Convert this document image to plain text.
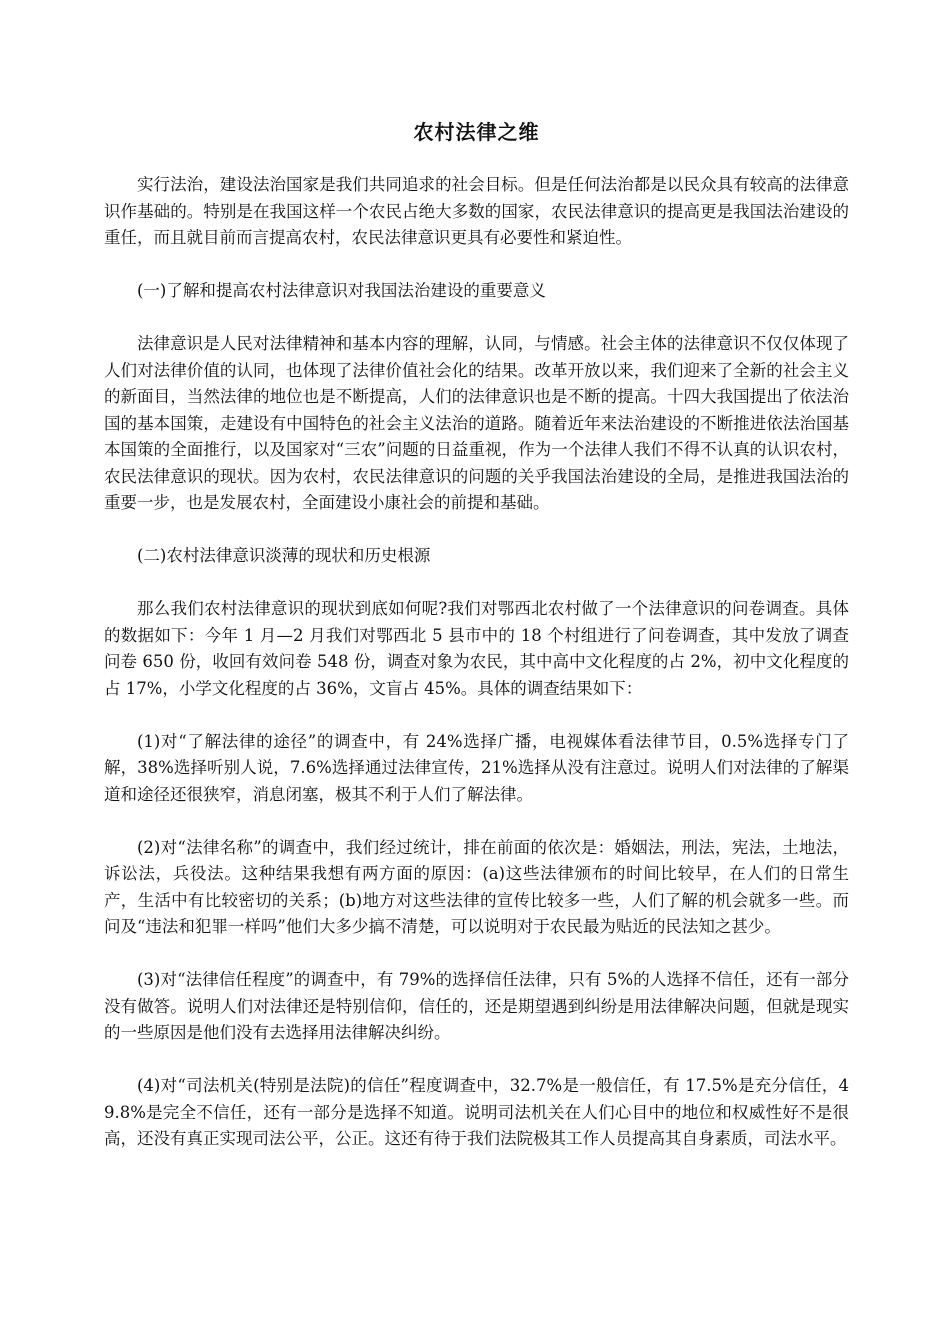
农村法律之维

实行法治，建设法治国家是我们共同追求的社会目标。但是任何法治都是以民众具有较高的法律意识作基础的。特别是在我国这样一个农民占绝大多数的国家，农民法律意识的提高更是我国法治建设的重任，而且就目前而言提高农村，农民法律意识更具有必要性和紧迫性。

(一)了解和提高农村法律意识对我国法治建设的重要意义

法律意识是人民对法律精神和基本内容的理解，认同，与情感。社会主体的法律意识不仅仅体现了人们对法律价值的认同，也体现了法律价值社会化的结果。改革开放以来，我们迎来了全新的社会主义的新面目，当然法律的地位也是不断提高，人们的法律意识也是不断的提高。十四大我国提出了依法治国的基本国策，走建设有中国特色的社会主义法治的道路。随着近年来法治建设的不断推进依法治国基本国策的全面推行，以及国家对“三农”问题的日益重视，作为一个法律人我们不得不认真的认识农村，农民法律意识的现状。因为农村，农民法律意识的问题的关乎我国法治建设的全局，是推进我国法治的重要一步，也是发展农村，全面建设小康社会的前提和基础。

(二)农村法律意识淡薄的现状和历史根源

那么我们农村法律意识的现状到底如何呢?我们对鄂西北农村做了一个法律意识的问卷调查。具体的数据如下：今年 1 月—2 月我们对鄂西北 5 县市中的 18 个村组进行了问卷调查，其中发放了调查问卷 650 份，收回有效问卷 548 份，调查对象为农民，其中高中文化程度的占 2%，初中文化程度的占 17%，小学文化程度的占 36%，文盲占 45%。具体的调查结果如下：

(1)对“了解法律的途径”的调查中，有 24%选择广播，电视媒体看法律节目，0.5%选择专门了解，38%选择听别人说，7.6%选择通过法律宣传，21%选择从没有注意过。说明人们对法律的了解渠道和途径还很狭窄，消息闭塞，极其不利于人们了解法律。

(2)对“法律名称”的调查中，我们经过统计，排在前面的依次是：婚姻法，刑法，宪法，土地法，诉讼法，兵役法。这种结果我想有两方面的原因：(a)这些法律颁布的时间比较早，在人们的日常生产，生活中有比较密切的关系；(b)地方对这些法律的宣传比较多一些，人们了解的机会就多一些。而问及“违法和犯罪一样吗”他们大多少搞不清楚，可以说明对于农民最为贴近的民法知之甚少。

(3)对“法律信任程度”的调查中，有 79%的选择信任法律，只有 5%的人选择不信任，还有一部分没有做答。说明人们对法律还是特别信仰，信任的，还是期望遇到纠纷是用法律解决问题，但就是现实的一些原因是他们没有去选择用法律解决纠纷。

(4)对“司法机关(特别是法院)的信任”程度调查中，32.7%是一般信任，有 17.5%是充分信任，49.8%是完全不信任，还有一部分是选择不知道。说明司法机关在人们心目中的地位和权威性好不是很高，还没有真正实现司法公平，公正。这还有待于我们法院极其工作人员提高其自身素质，司法水平。
